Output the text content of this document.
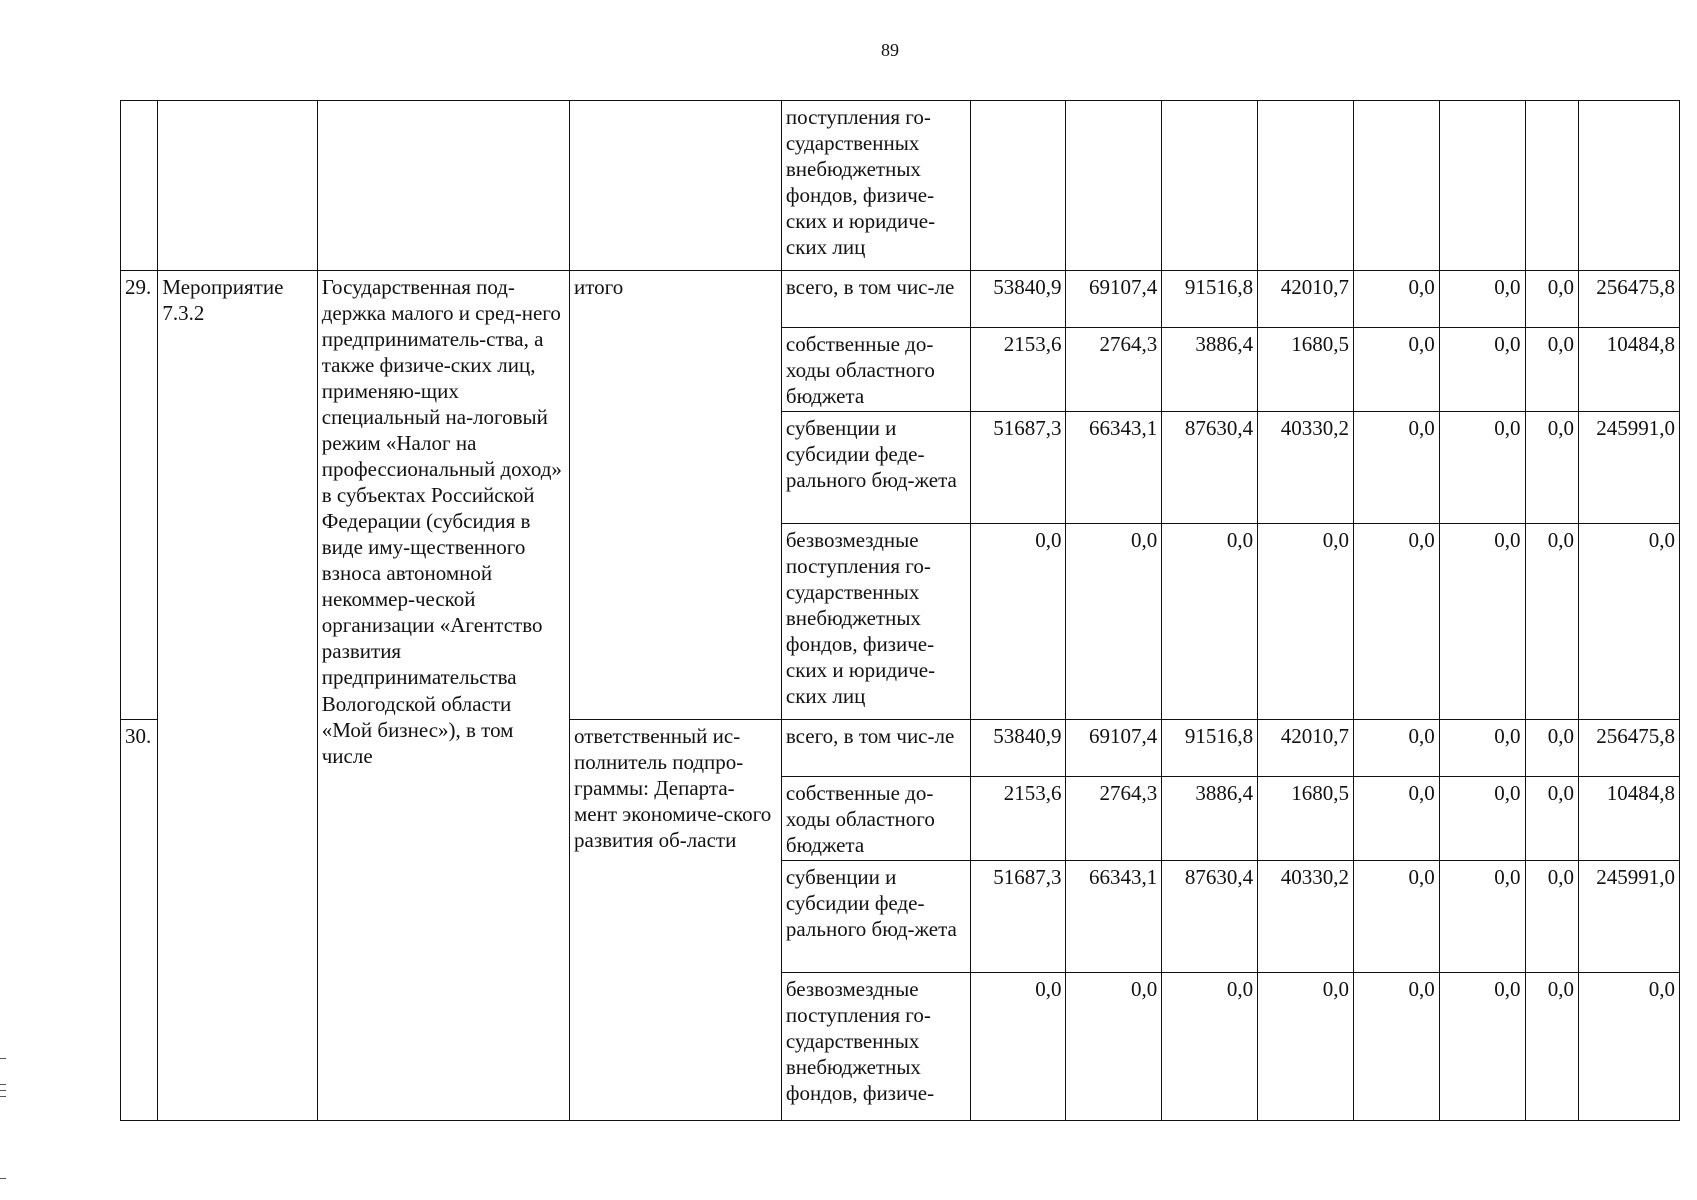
89
				поступления го-сударственных внебюджетных фондов, физиче-ских и юридиче-ских лиц								
29.	Мероприятие 7.3.2	Государственная под-держка малого и сред-него предприниматель-ства, а также физиче-ских лиц, применяю-щих специальный на-логовый режим «Налог на профессиональный доход» в субъектах Российской Федерации (субсидия в виде иму-щественного взноса автономной некоммер-ческой организации «Агентство развития предпринимательства Вологодской области «Мой бизнес»), в том числе	итого	всего, в том чис-ле	53840,9	69107,4	91516,8	42010,7	0,0	0,0	0,0	256475,8
				собственные до-ходы областного бюджета	2153,6	2764,3	3886,4	1680,5	0,0	0,0	0,0	10484,8
				субвенции и субсидии феде-рального бюд-жета	51687,3	66343,1	87630,4	40330,2	0,0	0,0	0,0	245991,0
				безвозмездные поступления го-сударственных внебюджетных фондов, физиче-ских и юридиче-ских лиц	0,0	0,0	0,0	0,0	0,0	0,0	0,0	0,0
30.			ответственный ис-полнитель подпро-граммы: Департа-мент экономиче-ского развития об-ласти	всего, в том чис-ле	53840,9	69107,4	91516,8	42010,7	0,0	0,0	0,0	256475,8
				собственные до-ходы областного бюджета	2153,6	2764,3	3886,4	1680,5	0,0	0,0	0,0	10484,8
				субвенции и субсидии феде-рального бюд-жета	51687,3	66343,1	87630,4	40330,2	0,0	0,0	0,0	245991,0
				безвозмездные поступления го-сударственных внебюджетных фондов, физиче-	0,0	0,0	0,0	0,0	0,0	0,0	0,0	0,0
